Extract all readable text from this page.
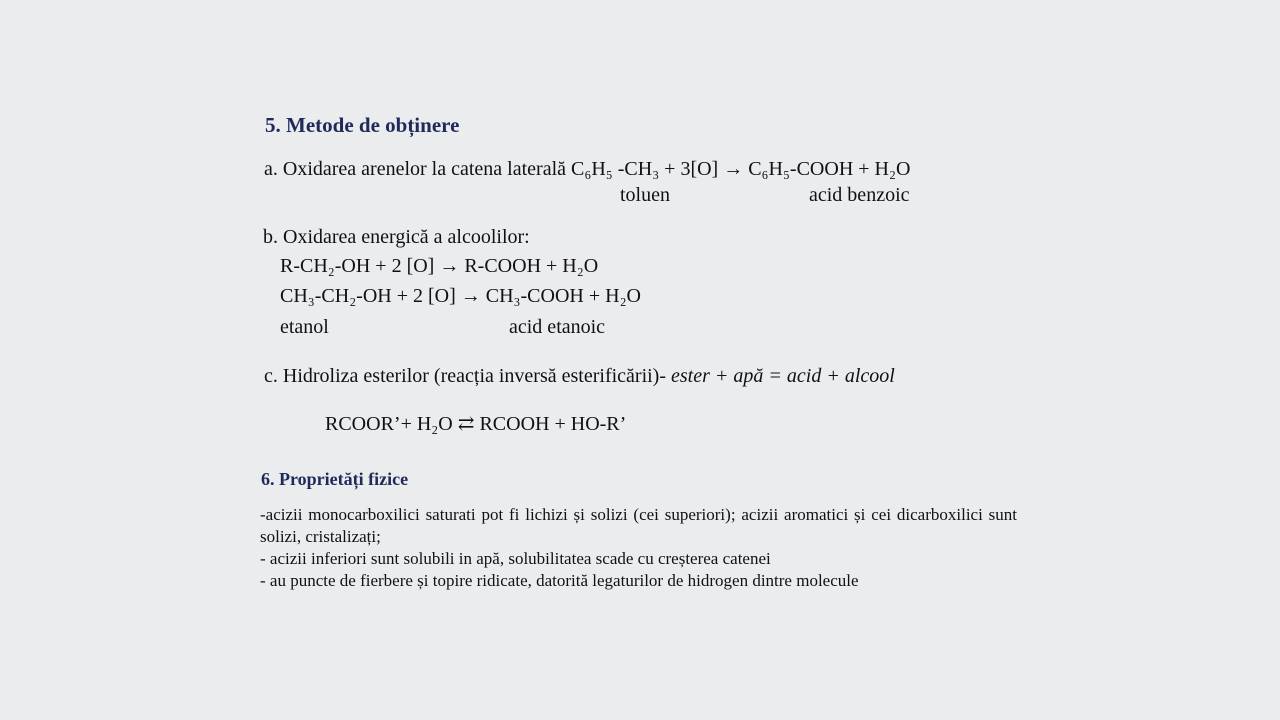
5. Metode de obținere
a. Oxidarea arenelor la catena laterală C₆H₅ -CH₃ + 3[O] → C₆H₅-COOH + H₂O
toluen	acid benzoic
b. Oxidarea energică a alcoolilor:
R-CH₂-OH + 2 [O] → R-COOH + H₂O
CH₃-CH₂-OH + 2 [O] → CH₃-COOH + H₂O
etanol	acid etanoic
c. Hidroliza esterilor (reacția inversă esterificării)- ester + apă = acid + alcool
RCOOR’+ H₂O ⇄ RCOOH + HO-R’
6. Proprietăți fizice
-acizii monocarboxilici saturati pot fi lichizi și solizi (cei superiori); acizii aromatici și cei dicarboxilici sunt solizi, cristalizați;
- acizii inferiori sunt solubili in apă, solubilitatea scade cu creșterea catenei
- au puncte de fierbere și topire ridicate, datorită legaturilor de hidrogen dintre molecule
